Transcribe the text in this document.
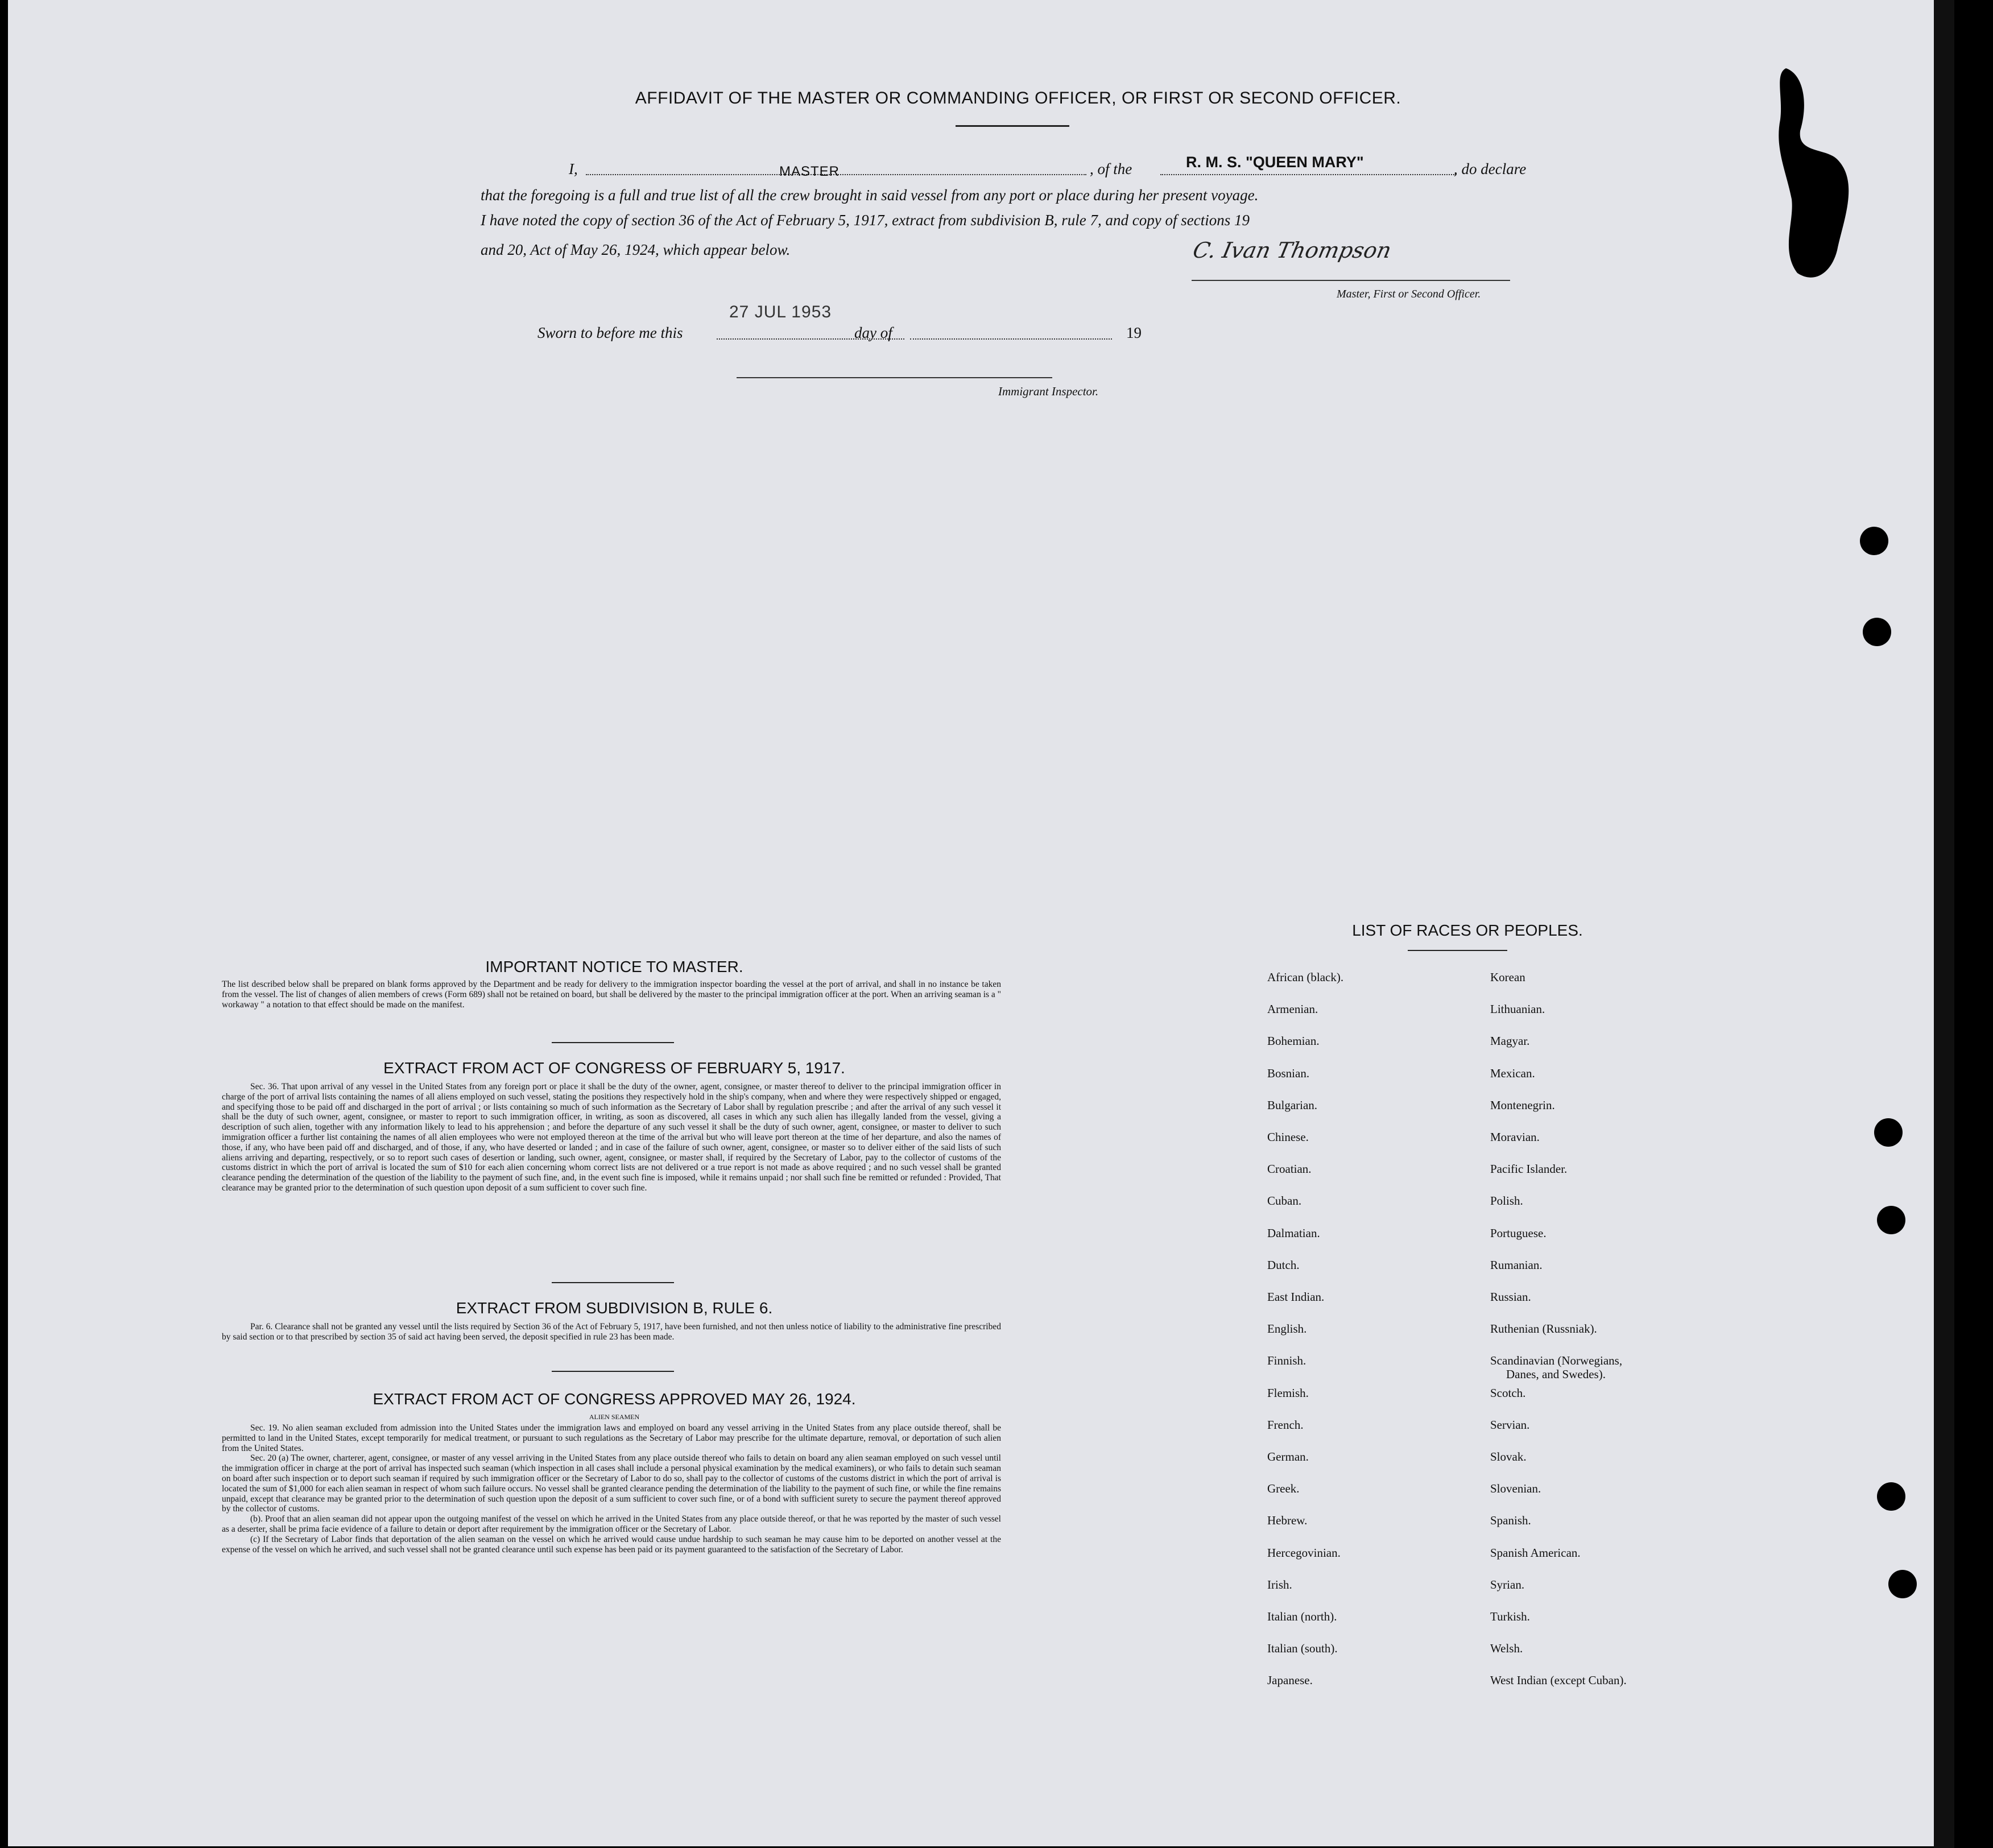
AFFIDAVIT OF THE MASTER OR COMMANDING OFFICER, OR FIRST OR SECOND OFFICER.
I,	MASTER	, of the	R. M. S. "QUEEN MARY"	, do declare
that the foregoing is a full and true list of all the crew brought in said vessel from any port or place during her present voyage.
I have noted the copy of section 36 of the Act of February 5, 1917, extract from subdivision B, rule 7, and copy of sections 19
and 20, Act of May 26, 1924, which appear below.	C. Ivan Thompson
Master, First or Second Officer.
Sworn to before me this
27 JUL 1953
day of	19
Immigrant Inspector.
IMPORTANT NOTICE TO MASTER.
The list described below shall be prepared on blank forms approved by the Department and be ready for delivery to the immigration inspector boarding the vessel at the port of arrival, and shall in no instance be taken from the vessel. The list of changes of alien members of crews (Form 689) shall not be retained on board, but shall be delivered by the master to the principal immigration officer at the port. When an arriving seaman is a " workaway " a notation to that effect should be made on the manifest.
EXTRACT FROM ACT OF CONGRESS OF FEBRUARY 5, 1917.
Sec. 36. That upon arrival of any vessel in the United States from any foreign port or place it shall be the duty of the owner, agent, consignee, or master thereof to deliver to the principal immigration officer in charge of the port of arrival lists containing the names of all aliens employed on such vessel, stating the positions they respectively hold in the ship's company, when and where they were respectively shipped or engaged, and specifying those to be paid off and discharged in the port of arrival ; or lists containing so much of such information as the Secretary of Labor shall by regulation prescribe ; and after the arrival of any such vessel it shall be the duty of such owner, agent, consignee, or master to report to such immigration officer, in writing, as soon as discovered, all cases in which any such alien has illegally landed from the vessel, giving a description of such alien, together with any information likely to lead to his apprehension ; and before the departure of any such vessel it shall be the duty of such owner, agent, consignee, or master to deliver to such immigration officer a further list containing the names of all alien employees who were not employed thereon at the time of the arrival but who will leave port thereon at the time of her departure, and also the names of those, if any, who have been paid off and discharged, and of those, if any, who have deserted or landed ; and in case of the failure of such owner, agent, consignee, or master so to deliver either of the said lists of such aliens arriving and departing, respectively, or so to report such cases of desertion or landing, such owner, agent, consignee, or master shall, if required by the Secretary of Labor, pay to the collector of customs of the customs district in which the port of arrival is located the sum of $10 for each alien concerning whom correct lists are not delivered or a true report is not made as above required ; and no such vessel shall be granted clearance pending the determination of the question of the liability to the payment of such fine, and, in the event such fine is imposed, while it remains unpaid ; nor shall such fine be remitted or refunded : Provided, That clearance may be granted prior to the determination of such question upon deposit of a sum sufficient to cover such fine.
EXTRACT FROM SUBDIVISION B, RULE 6.
Par. 6. Clearance shall not be granted any vessel until the lists required by Section 36 of the Act of February 5, 1917, have been furnished, and not then unless notice of liability to the administrative fine prescribed by said section or to that prescribed by section 35 of said act having been served, the deposit specified in rule 23 has been made.
EXTRACT FROM ACT OF CONGRESS APPROVED MAY 26, 1924.
ALIEN SEAMEN

Sec. 19. No alien seaman excluded from admission into the United States under the immigration laws and employed on board any vessel arriving in the United States from any place outside thereof, shall be permitted to land in the United States, except temporarily for medical treatment, or pursuant to such regulations as the Secretary of Labor may prescribe for the ultimate departure, removal, or deportation of such alien from the United States.

Sec. 20 (a) The owner, charterer, agent, consignee, or master of any vessel arriving in the United States from any place outside thereof who fails to detain on board any alien seaman employed on such vessel until the immigration officer in charge at the port of arrival has inspected such seaman (which inspection in all cases shall include a personal physical examination by the medical examiners), or who fails to detain such seaman on board after such inspection or to deport such seaman if required by such immigration officer or the Secretary of Labor to do so, shall pay to the collector of customs of the customs district in which the port of arrival is located the sum of $1,000 for each alien seaman in respect of whom such failure occurs. No vessel shall be granted clearance pending the determination of the liability to the payment of such fine, or while the fine remains unpaid, except that clearance may be granted prior to the determination of such question upon the deposit of a sum sufficient to cover such fine, or of a bond with sufficient surety to secure the payment thereof approved by the collector of customs.

(b). Proof that an alien seaman did not appear upon the outgoing manifest of the vessel on which he arrived in the United States from any place outside thereof, or that he was reported by the master of such vessel as a deserter, shall be prima facie evidence of a failure to detain or deport after requirement by the immigration officer or the Secretary of Labor.

(c) If the Secretary of Labor finds that deportation of the alien seaman on the vessel on which he arrived would cause undue hardship to such seaman he may cause him to be deported on another vessel at the expense of the vessel on which he arrived, and such vessel shall not be granted clearance until such expense has been paid or its payment guaranteed to the satisfaction of the Secretary of Labor.

LIST OF RACES OR PEOPLES.
African (black).	Korean
Armenian.	Lithuanian.
Bohemian.	Magyar.
Bosnian.	Mexican.
Bulgarian.	Montenegrin.
Chinese.	Moravian.
Croatian.	Pacific Islander.
Cuban.	Polish.
Dalmatian.	Portuguese.
Dutch.	Rumanian.
East Indian.	Russian.
English.	Ruthenian (Russniak).
Finnish.	Scandinavian (Norwegians,
Danes, and Swedes).
Flemish.	Scotch.
French.	Servian.
German.	Slovak.
Greek.	Slovenian.
Hebrew.	Spanish.
Hercegovinian.	Spanish American.
Irish.	Syrian.
Italian (north).	Turkish.
Italian (south).	Welsh.
Japanese.	West Indian (except Cuban).
